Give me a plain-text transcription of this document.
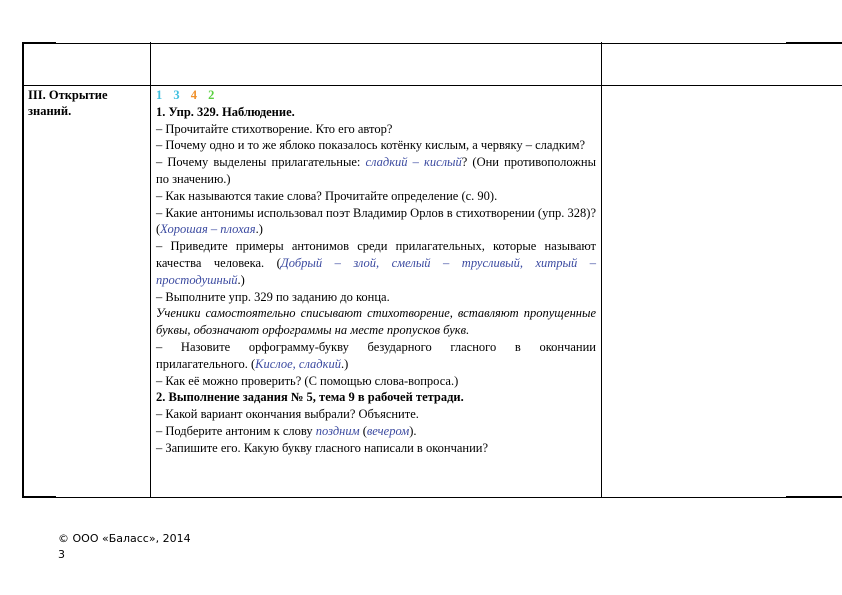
III. Открытие знаний.
1 3 4 2

1. Упр. 329. Наблюдение.

– Прочитайте стихотворение. Кто его автор?

– Почему одно и то же яблоко показалось котёнку кислым, а червяку – сладким?

– Почему выделены прилагательные: сладкий – кислый? (Они противоположны по значению.)

– Как называются такие слова? Прочитайте определение (с. 90).

– Какие антонимы использовал поэт Владимир Орлов в стихотворении (упр. 328)? (Хорошая – плохая.)

– Приведите примеры антонимов среди прилагательных, которые называют качества человека. (Добрый – злой, смелый – трусливый, хитрый – простодушный.)

– Выполните упр. 329 по заданию до конца.

Ученики самостоятельно списывают стихотворение, вставляют пропущенные буквы, обозначают орфограммы на месте пропусков букв.

– Назовите орфограмму-букву безударного гласного в окончании прилагательного. (Кислое, сладкий.)

– Как её можно проверить? (С помощью слова-вопроса.)

2. Выполнение задания № 5, тема 9 в рабочей тетради.

– Какой вариант окончания выбрали? Объясните.

– Подберите антоним к слову поздним (вечером).

– Запишите его. Какую букву гласного написали в окончании?

© ООО «Баласс», 2014
3
